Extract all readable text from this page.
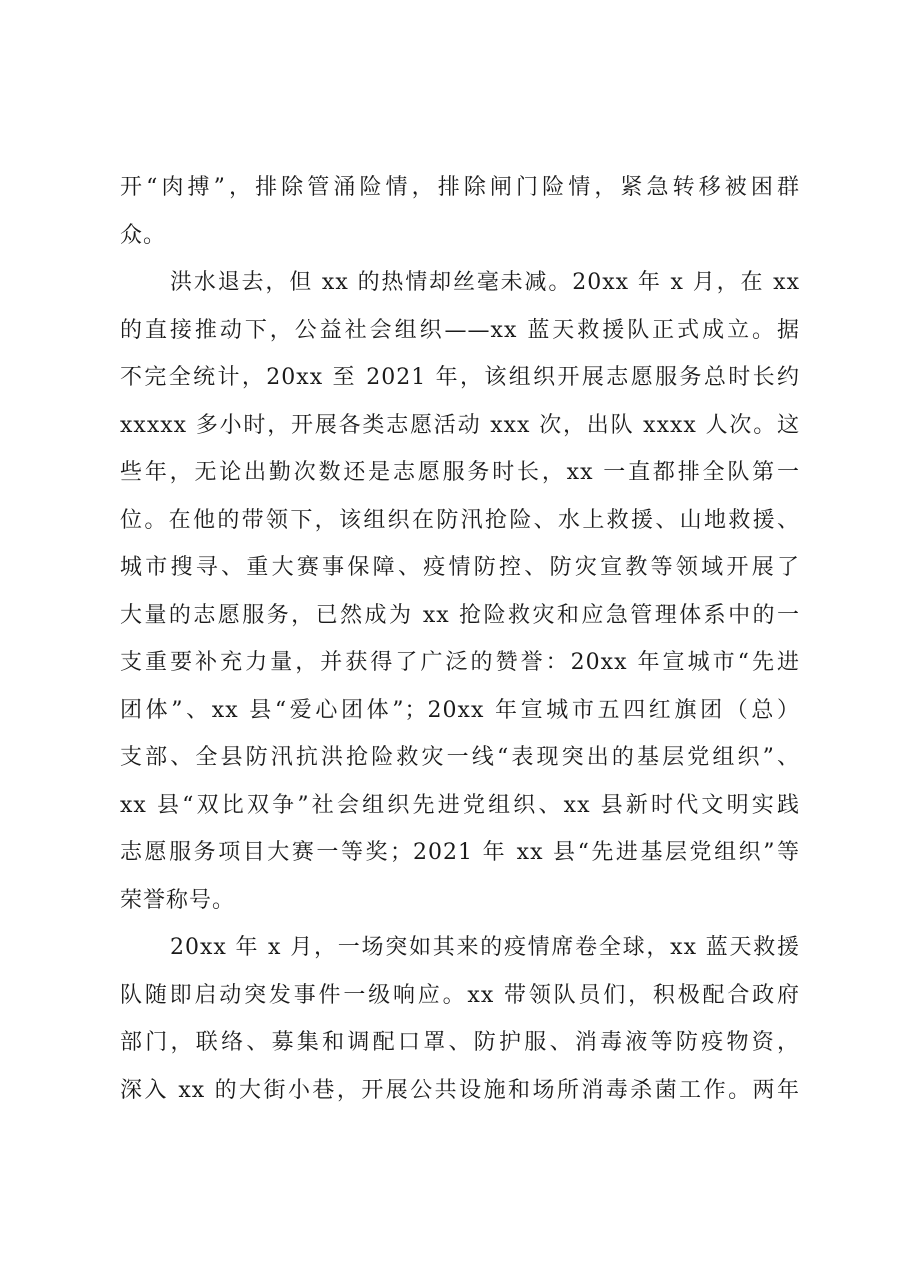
开“肉搏”，排除管涌险情，排除闸门险情，紧急转移被困群
众。
洪水退去，但 xx 的热情却丝毫未减。20xx 年 x 月，在 xx
的直接推动下，公益社会组织——xx 蓝天救援队正式成立。据
不完全统计，20xx 至 2021 年，该组织开展志愿服务总时长约
xxxxx 多小时，开展各类志愿活动 xxx 次，出队 xxxx 人次。这
些年，无论出勤次数还是志愿服务时长，xx 一直都排全队第一
位。在他的带领下，该组织在防汛抢险、水上救援、山地救援、
城市搜寻、重大赛事保障、疫情防控、防灾宣教等领域开展了
大量的志愿服务，已然成为 xx 抢险救灾和应急管理体系中的一
支重要补充力量，并获得了广泛的赞誉：20xx 年宣城市“先进
团体”、xx 县“爱心团体”；20xx 年宣城市五四红旗团（总）
支部、全县防汛抗洪抢险救灾一线“表现突出的基层党组织”、
xx 县“双比双争”社会组织先进党组织、xx 县新时代文明实践
志愿服务项目大赛一等奖；2021 年 xx 县“先进基层党组织”等
荣誉称号。
20xx 年 x 月，一场突如其来的疫情席卷全球，xx 蓝天救援
队随即启动突发事件一级响应。xx 带领队员们，积极配合政府
部门，联络、募集和调配口罩、防护服、消毒液等防疫物资，
深入 xx 的大街小巷，开展公共设施和场所消毒杀菌工作。两年
